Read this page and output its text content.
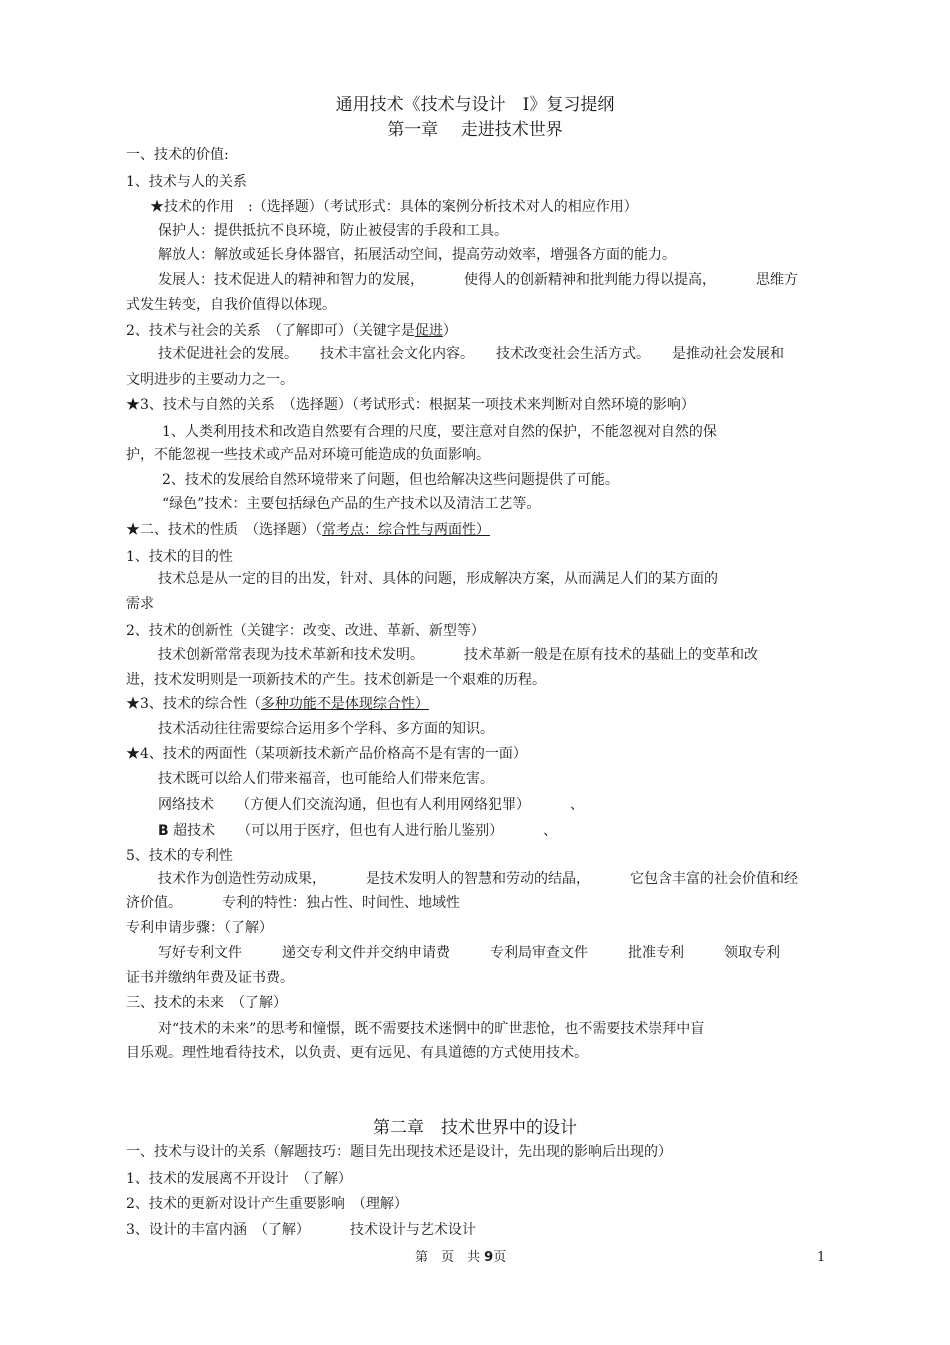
通用技术《技术与设计　I》复习提纲
第一章　 走进技术世界
一、技术的价值:
1、技术与人的关系
★技术的作用　:（选择题）（考试形式：具体的案例分析技术对人的相应作用）
保护人：提供抵抗不良环境，防止被侵害的手段和工具。
解放人：解放或延长身体器官，拓展活动空间，提高劳动效率，增强各方面的能力。
发展人：技术促进人的精神和智力的发展，	使得人的创新精神和批判能力得以提高，	思维方
式发生转变，自我价值得以体现。
2、技术与社会的关系　（了解即可）（关键字是促进）
技术促进社会的发展。 技术丰富社会文化内容。 技术改变社会生活方式。 是推动社会发展和
文明进步的主要动力之一。
★3、技术与自然的关系　（选择题）（考试形式：根据某一项技术来判断对自然环境的影响）
1、人类利用技术和改造自然要有合理的尺度，要注意对自然的保护，不能忽视对自然的保
护，不能忽视一些技术或产品对环境可能造成的负面影响。
2、技术的发展给自然环境带来了问题，但也给解决这些问题提供了可能。
“绿色”技术：主要包括绿色产品的生产技术以及清洁工艺等。
★二、技术的性质　（选择题）（常考点：综合性与两面性）
1、技术的目的性
技术总是从一定的目的出发，针对、具体的问题，形成解决方案，从而满足人们的某方面的
需求
2、技术的创新性（关键字：改变、改进、革新、新型等）
技术创新常常表现为技术革新和技术发明。	技术革新一般是在原有技术的基础上的变革和改
进，技术发明则是一项新技术的产生。技术创新是一个艰难的历程。
★3、技术的综合性（多种功能不是体现综合性）
技术活动往往需要综合运用多个学科、多方面的知识。
★4、技术的两面性（某项新技术新产品价格高不是有害的一面）
技术既可以给人们带来福音，也可能给人们带来危害。
网络技术 （方便人们交流沟通，但也有人利用网络犯罪）	、
B 超技术 （可以用于医疗，但也有人进行胎儿鉴别）	、
5、技术的专利性
技术作为创造性劳动成果，	是技术发明人的智慧和劳动的结晶，	它包含丰富的社会价值和经
济价值。	专利的特性：独占性、时间性、地域性
专利申请步骤：（了解）
写好专利文件	递交专利文件并交纳申请费	专利局审查文件	批准专利	领取专利
证书并缴纳年费及证书费。
三、技术的未来　（了解）
对“技术的未来”的思考和憧憬，既不需要技术迷惘中的旷世悲怆，也不需要技术崇拜中盲
目乐观。理性地看待技术，以负责、更有远见、有具道德的方式使用技术。
第二章　技术世界中的设计
一、技术与设计的关系（解题技巧：题目先出现技术还是设计，先出现的影响后出现的）
1、技术的发展离不开设计　（了解）
2、技术的更新对设计产生重要影响　（理解）
3、设计的丰富内涵　（了解）	技术设计与艺术设计
第　页　共 9页	1
